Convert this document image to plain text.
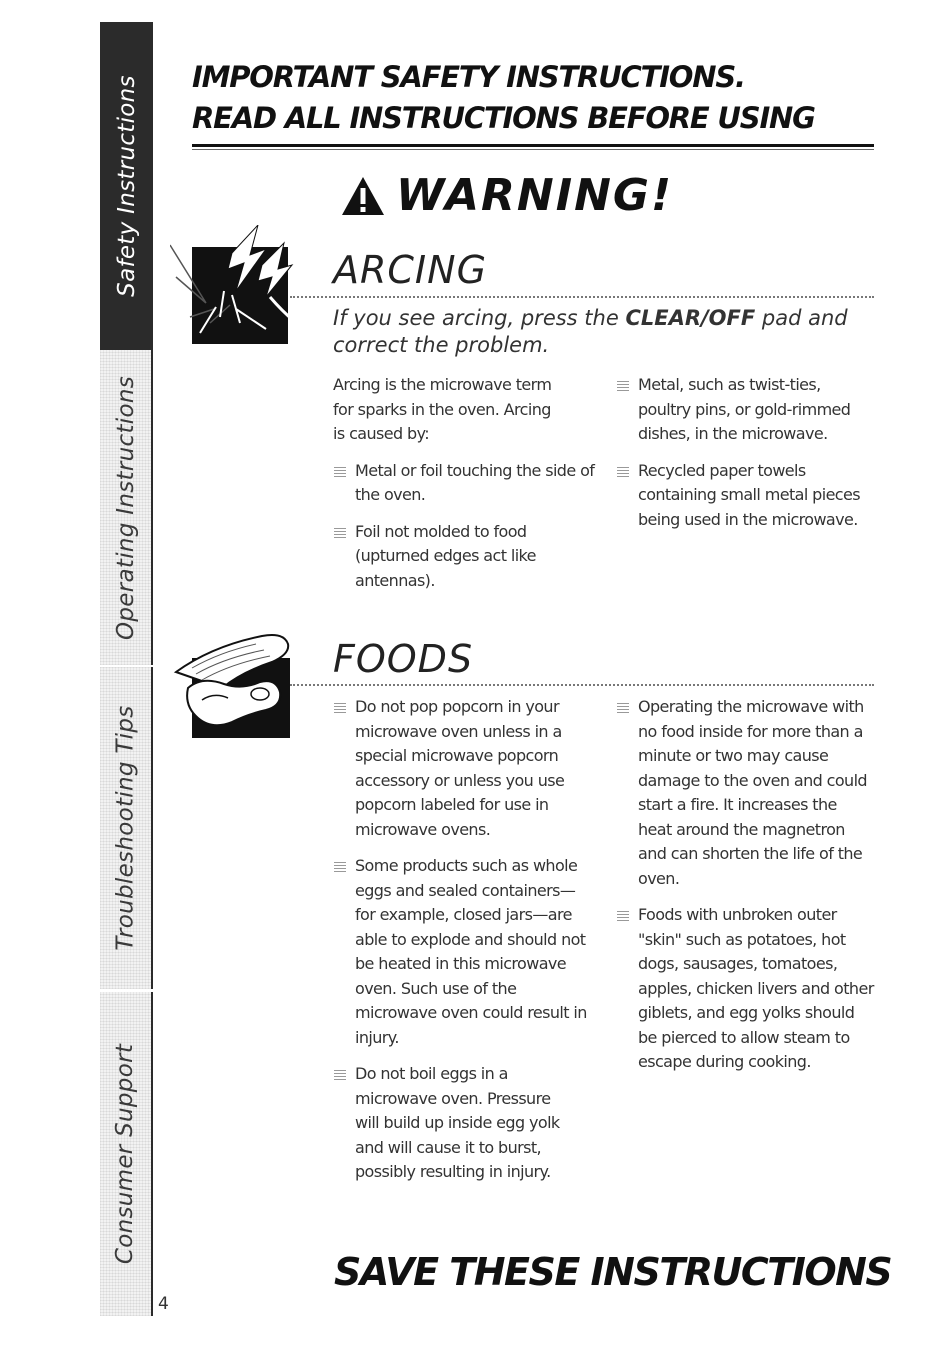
Safety Instructions
Operating Instructions
Troubleshooting Tips
Consumer Support
4
IMPORTANT SAFETY INSTRUCTIONS.
READ ALL INSTRUCTIONS BEFORE USING
WARNING!
ARCING
If you see arcing, press the CLEAR/OFF pad and correct the problem.

Arcing is the microwave term for sparks in the oven. Arcing is caused by:

Metal or foil touching the side of the oven.
Foil not molded to food (upturned edges act like antennas).
Metal, such as twist-ties, poultry pins, or gold-rimmed dishes, in the microwave.
Recycled paper towels containing small metal pieces being used in the microwave.
FOODS
Do not pop popcorn in your microwave oven unless in a special microwave popcorn accessory or unless you use popcorn labeled for use in microwave ovens.
Some products such as whole eggs and sealed containers—for example, closed jars—are able to explode and should not be heated in this microwave oven. Such use of the microwave oven could result in injury.
Do not boil eggs in a microwave oven. Pressure will build up inside egg yolk and will cause it to burst, possibly resulting in injury.
Operating the microwave with no food inside for more than a minute or two may cause damage to the oven and could start a fire. It increases the heat around the magnetron and can shorten the life of the oven.
Foods with unbroken outer "skin" such as potatoes, hot dogs, sausages, tomatoes, apples, chicken livers and other giblets, and egg yolks should be pierced to allow steam to escape during cooking.
SAVE THESE INSTRUCTIONS
